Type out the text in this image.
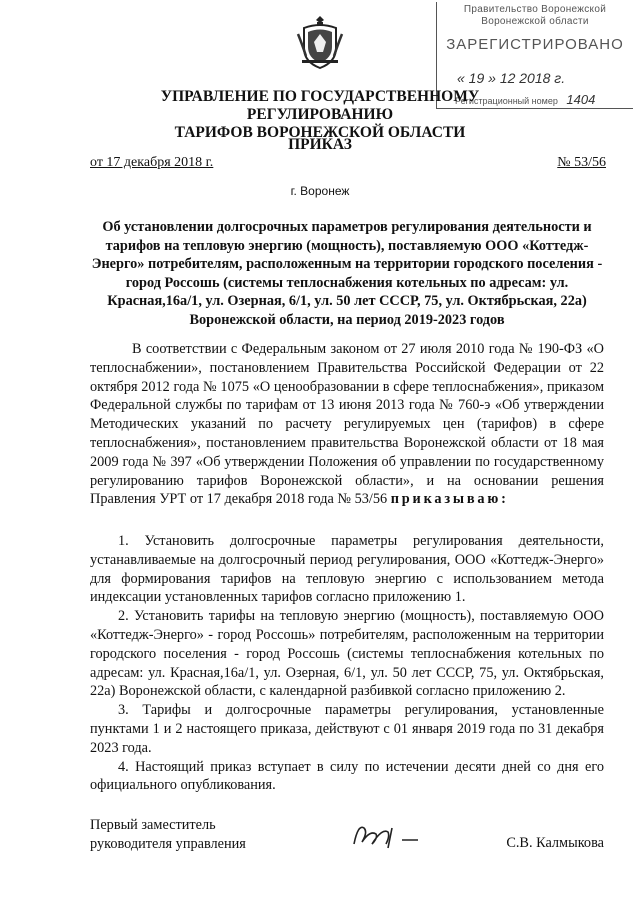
Правительство Воронежской
Воронежской области
ЗАРЕГИСТРИРОВАНО
« 19 » 12 2018 г.
Регистрационный номер 1404
УПРАВЛЕНИЕ ПО ГОСУДАРСТВЕННОМУ РЕГУЛИРОВАНИЮ
ТАРИФОВ ВОРОНЕЖСКОЙ ОБЛАСТИ
ПРИКАЗ
от 17 декабря 2018 г.	№ 53/56
г. Воронеж
Об установлении долгосрочных параметров регулирования деятельности и тарифов на тепловую энергию (мощность), поставляемую ООО «Коттедж-Энерго» потребителям, расположенным на территории городского поселения - город Россошь (системы теплоснабжения котельных по адресам: ул. Красная,16а/1, ул. Озерная, 6/1, ул. 50 лет СССР, 75, ул. Октябрьская, 22а) Воронежской области, на период 2019-2023 годов
В соответствии с Федеральным законом от 27 июля 2010 года № 190-ФЗ «О теплоснабжении», постановлением Правительства Российской Федерации от 22 октября 2012 года № 1075 «О ценообразовании в сфере теплоснабжения», приказом Федеральной службы по тарифам от 13 июня 2013 года № 760-э «Об утверждении Методических указаний по расчету регулируемых цен (тарифов) в сфере теплоснабжения», постановлением правительства Воронежской области от 18 мая 2009 года № 397 «Об утверждении Положения об управлении по государственному регулированию тарифов Воронежской области», и на основании решения Правления УРТ от 17 декабря 2018 года № 53/56 приказываю:

1. Установить долгосрочные параметры регулирования деятельности, устанавливаемые на долгосрочный период регулирования, ООО «Коттедж-Энерго» для формирования тарифов на тепловую энергию с использованием метода индексации установленных тарифов согласно приложению 1.

2. Установить тарифы на тепловую энергию (мощность), поставляемую ООО «Коттедж-Энерго» - город Россошь» потребителям, расположенным на территории городского поселения - город Россошь (системы теплоснабжения котельных по адресам: ул. Красная,16а/1, ул. Озерная, 6/1, ул. 50 лет СССР, 75, ул. Октябрьская, 22а) Воронежской области, с календарной разбивкой согласно приложению 2.

3. Тарифы и долгосрочные параметры регулирования, установленные пунктами 1 и 2 настоящего приказа, действуют с 01 января 2019 года по 31 декабря 2023 года.

4. Настоящий приказ вступает в силу по истечении десяти дней со дня его официального опубликования.

Первый заместитель
руководителя управления	С.В. Калмыкова
